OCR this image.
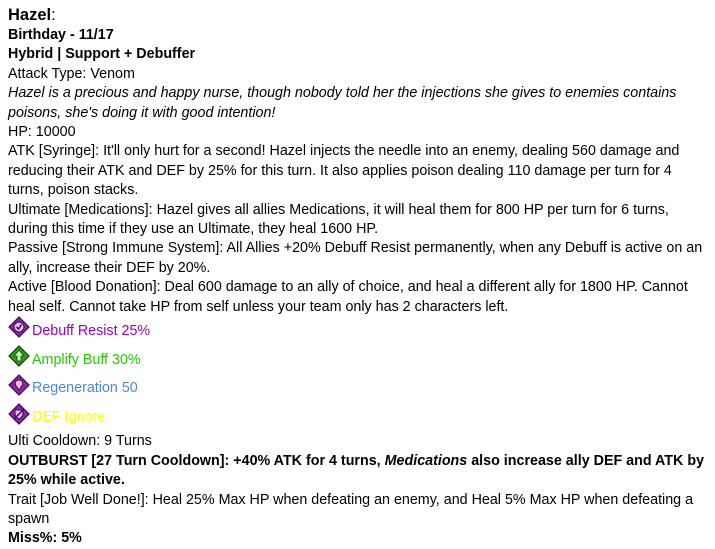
Hazel:
Birthday - 11/17
Hybrid | Support + Debuffer
Attack Type: Venom
Hazel is a precious and happy nurse, though nobody told her the injections she gives to enemies contains poisons, she's doing it with good intention!
HP: 10000
ATK [Syringe]: It'll only hurt for a second! Hazel injects the needle into an enemy, dealing 560 damage and reducing their ATK and DEF by 25% for this turn. It also applies poison dealing 110 damage per turn for 4 turns, poison stacks.
Ultimate [Medications]: Hazel gives all allies Medications, it will heal them for 800 HP per turn for 6 turns, during this time if they use an Ultimate, they heal 1600 HP.
Passive [Strong Immune System]: All Allies +20% Debuff Resist permanently, when any Debuff is active on an ally, increase their DEF by 20%.
Active [Blood Donation]: Deal 600 damage to an ally of choice, and heal a different ally for 1800 HP. Cannot heal self. Cannot take HP from self unless your team only has 2 characters left.
Debuff Resist 25%
Amplify Buff 30%
Regeneration 50
DEF Ignore
Ulti Cooldown: 9 Turns
OUTBURST [27 Turn Cooldown]: +40% ATK for 4 turns, Medications also increase ally DEF and ATK by 25% while active.
Trait [Job Well Done!]: Heal 25% Max HP when defeating an enemy, and Heal 5% Max HP when defeating a spawn
Miss%: 5%
